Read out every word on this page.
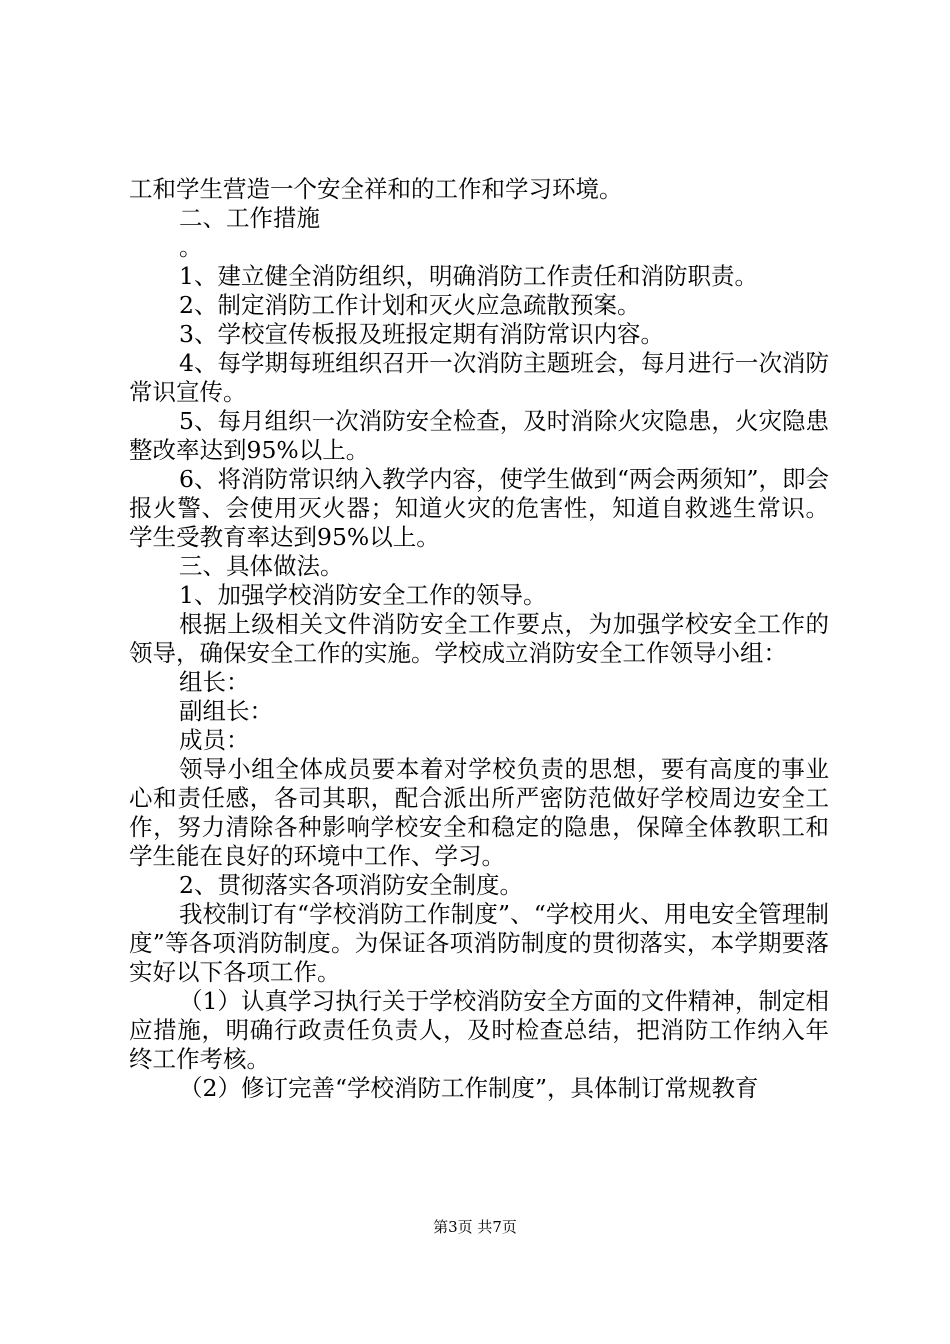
工和学生营造一个安全祥和的工作和学习环境。

二、工作措施

。

1、建立健全消防组织，明确消防工作责任和消防职责。

2、制定消防工作计划和灭火应急疏散预案。

3、学校宣传板报及班报定期有消防常识内容。

4、每学期每班组织召开一次消防主题班会，每月进行一次消防常识宣传。

5、每月组织一次消防安全检查，及时消除火灾隐患，火灾隐患整改率达到95%以上。

6、将消防常识纳入教学内容，使学生做到“两会两须知”，即会报火警、会使用灭火器；知道火灾的危害性，知道自救逃生常识。学生受教育率达到95%以上。

三、具体做法。

1、加强学校消防安全工作的领导。

根据上级相关文件消防安全工作要点，为加强学校安全工作的领导，确保安全工作的实施。学校成立消防安全工作领导小组：

组长：

副组长：

成员：

领导小组全体成员要本着对学校负责的思想，要有高度的事业心和责任感，各司其职，配合派出所严密防范做好学校周边安全工作，努力清除各种影响学校安全和稳定的隐患，保障全体教职工和学生能在良好的环境中工作、学习。

2、贯彻落实各项消防安全制度。

我校制订有“学校消防工作制度”、“学校用火、用电安全管理制度”等各项消防制度。为保证各项消防制度的贯彻落实，本学期要落实好以下各项工作。

（1）认真学习执行关于学校消防安全方面的文件精神，制定相应措施，明确行政责任负责人，及时检查总结，把消防工作纳入年终工作考核。

（2）修订完善“学校消防工作制度”，具体制订常规教育

第3页 共7页
